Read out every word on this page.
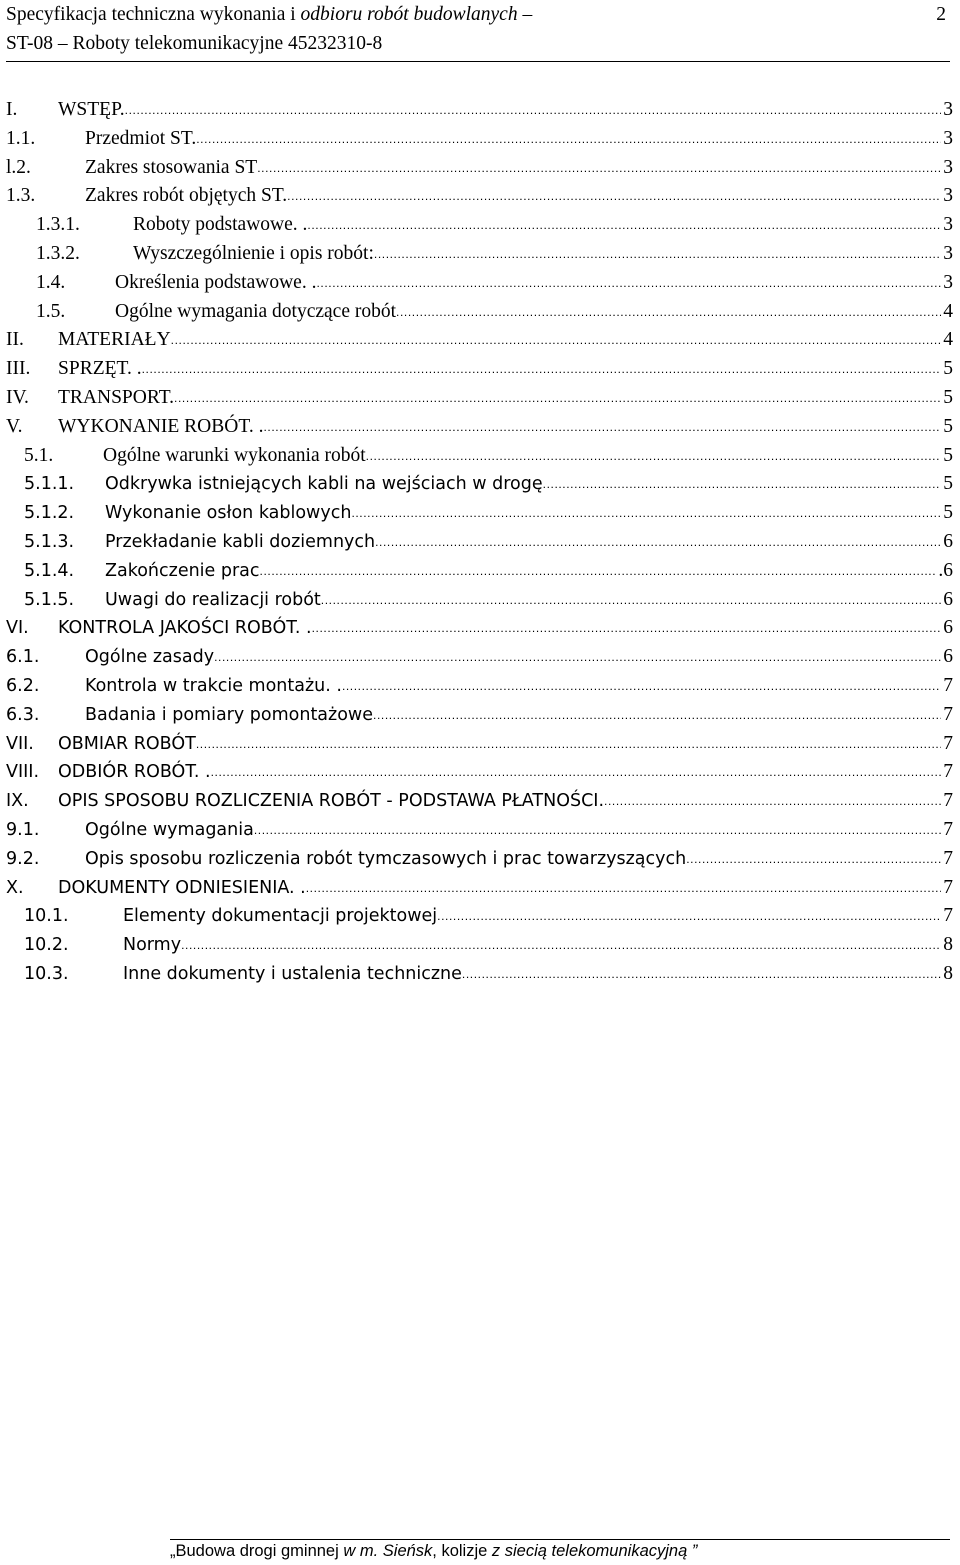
Specyfikacja techniczna wykonania i odbioru robót budowlanych –	2
ST-08 – Roboty telekomunikacyjne 45232310-8
I.	WSTĘP. .....	3
1.1.	Przedmiot ST. .....	3
l.2.	Zakres stosowania ST .....	3
1.3.	Zakres robót objętych ST. .....	3
1.3.1.	Roboty podstawowe. . .....	3
1.3.2.	Wyszczególnienie i opis robót: .....	3
1.4.	Określenia podstawowe. . .....	3
1.5.	Ogólne wymagania dotyczące robót .....	4
II.	MATERIAŁY .....	4
III.	SPRZĘT. . .....	5
IV.	TRANSPORT. .....	5
V.	WYKONANIE ROBÓT. . .....	5
5.1.	Ogólne warunki wykonania robót .....	5
5.1.1.	Odkrywka istniejących kabli na wejściach w drogę .....	5
5.1.2.	Wykonanie osłon kablowych .....	5
5.1.3.	Przekładanie kabli doziemnych .....	6
5.1.4.	Zakończenie prac .....	.6
5.1.5.	Uwagi do realizacji robót .....	6
VI.	KONTROLA JAKOŚCI ROBÓT. . .....	6
6.1.	Ogólne zasady .....	6
6.2.	Kontrola w trakcie montażu. . .....	7
6.3.	Badania i pomiary pomontażowe .....	7
VII.	OBMIAR ROBÓT .....	7
VIII.	ODBIÓR ROBÓT. . .....	7
IX.	OPIS SPOSOBU ROZLICZENIA ROBÓT - PODSTAWA PŁATNOŚCI. .....	7
9.1.	Ogólne wymagania .....	7
9.2.	Opis sposobu rozliczenia robót tymczasowych i prac towarzyszących .....	7
X.	DOKUMENTY ODNIESIENIA. . .....	7
10.1.	Elementy dokumentacji projektowej .....	7
10.2.	Normy .....	8
10.3.	Inne dokumenty i ustalenia techniczne .....	8
„Budowa drogi gminnej w m. Sieńsk, kolizje z siecią telekomunikacyjną ”
